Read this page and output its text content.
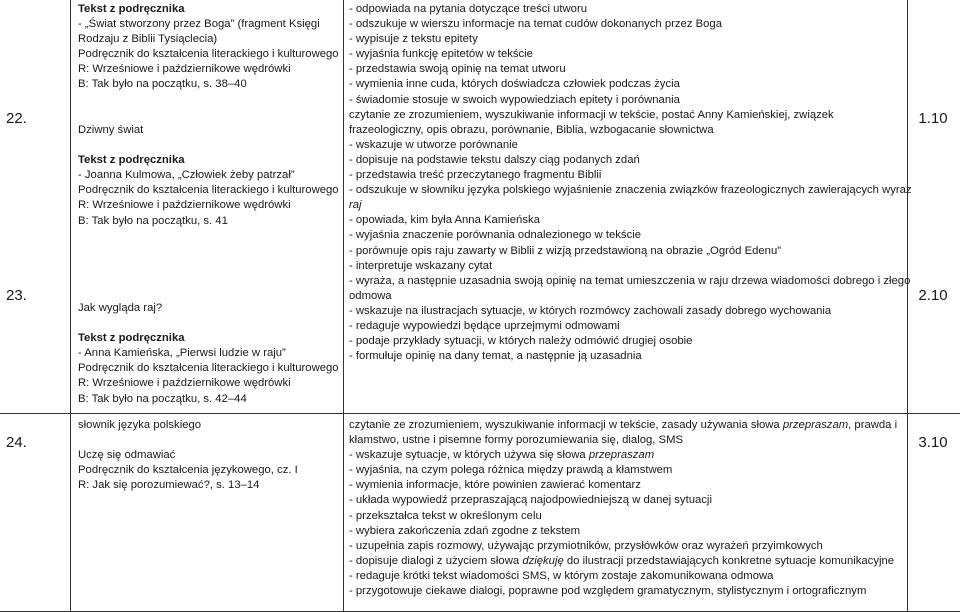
22.
23.
24.
1.10
2.10
3.10
Tekst z podręcznika
- „Świat stworzony przez Boga” (fragment Księgi
Rodzaju z Biblii Tysiąclecia)
Podręcznik do kształcenia literackiego i kulturowego
R: Wrześniowe i październikowe wędrówki
B: Tak było na początku, s. 38–40
Dziwny świat
Tekst z podręcznika
- Joanna Kulmowa, „Człowiek żeby patrzał”
Podręcznik do kształcenia literackiego i kulturowego
R: Wrześniowe i październikowe wędrówki
B: Tak było na początku, s. 41
Jak wygląda raj?
Tekst z podręcznika
- Anna Kamieńska, „Pierwsi ludzie w raju”
Podręcznik do kształcenia literackiego i kulturowego
R: Wrześniowe i październikowe wędrówki
B: Tak było na początku, s. 42–44
słownik języka polskiego
Uczę się odmawiać
Podręcznik do kształcenia językowego, cz. I
R: Jak się porozumiewać?, s. 13–14
- odpowiada na pytania dotyczące treści utworu
- odszukuje w wierszu informacje na temat cudów dokonanych przez Boga
- wypisuje z tekstu epitety
- wyjaśnia funkcję epitetów w tekście
- przedstawia swoją opinię na temat utworu
- wymienia inne cuda, których doświadcza człowiek podczas życia
- świadomie stosuje w swoich wypowiedziach epitety i porównania
czytanie ze zrozumieniem, wyszukiwanie informacji w tekście, postać Anny Kamieńskiej, związek
frazeologiczny, opis obrazu, porównanie, Biblia, wzbogacanie słownictwa
- wskazuje w utworze porównanie
- dopisuje na podstawie tekstu dalszy ciąg podanych zdań
- przedstawia treść przeczytanego fragmentu Biblii
- odszukuje w słowniku języka polskiego wyjaśnienie znaczenia związków frazeologicznych zawierających wyraz
raj
- opowiada, kim była Anna Kamieńska
- wyjaśnia znaczenie porównania odnalezionego w tekście
- porównuje opis raju zawarty w Biblii z wizją przedstawioną na obrazie „Ogród Edenu”
- interpretuje wskazany cytat
- wyraża, a następnie uzasadnia swoją opinię na temat umieszczenia w raju drzewa wiadomości dobrego i złego
odmowa
- wskazuje na ilustracjach sytuacje, w których rozmówcy zachowali zasady dobrego wychowania
- redaguje wypowiedzi będące uprzejmymi odmowami
- podaje przykłady sytuacji, w których należy odmówić drugiej osobie
- formułuje opinię na dany temat, a następnie ją uzasadnia
czytanie ze zrozumieniem, wyszukiwanie informacji w tekście, zasady używania słowa przepraszam, prawda i
kłamstwo, ustne i pisemne formy porozumiewania się, dialog, SMS
- wskazuje sytuacje, w których używa się słowa przepraszam
- wyjaśnia, na czym polega różnica między prawdą a kłamstwem
- wymienia informacje, które powinien zawierać komentarz
- układa wypowiedź przepraszającą najodpowiedniejszą w danej sytuacji
- przekształca tekst w określonym celu
- wybiera zakończenia zdań zgodne z tekstem
- uzupełnia zapis rozmowy, używając przymiotników, przysłówków oraz wyrażeń przyimkowych
- dopisuje dialogi z użyciem słowa dziękuję do ilustracji przedstawiających konkretne sytuacje komunikacyjne
- redaguje krótki tekst wiadomości SMS, w którym zostaje zakomunikowana odmowa
- przygotowuje ciekawe dialogi, poprawne pod względem gramatycznym, stylistycznym i ortograficznym
